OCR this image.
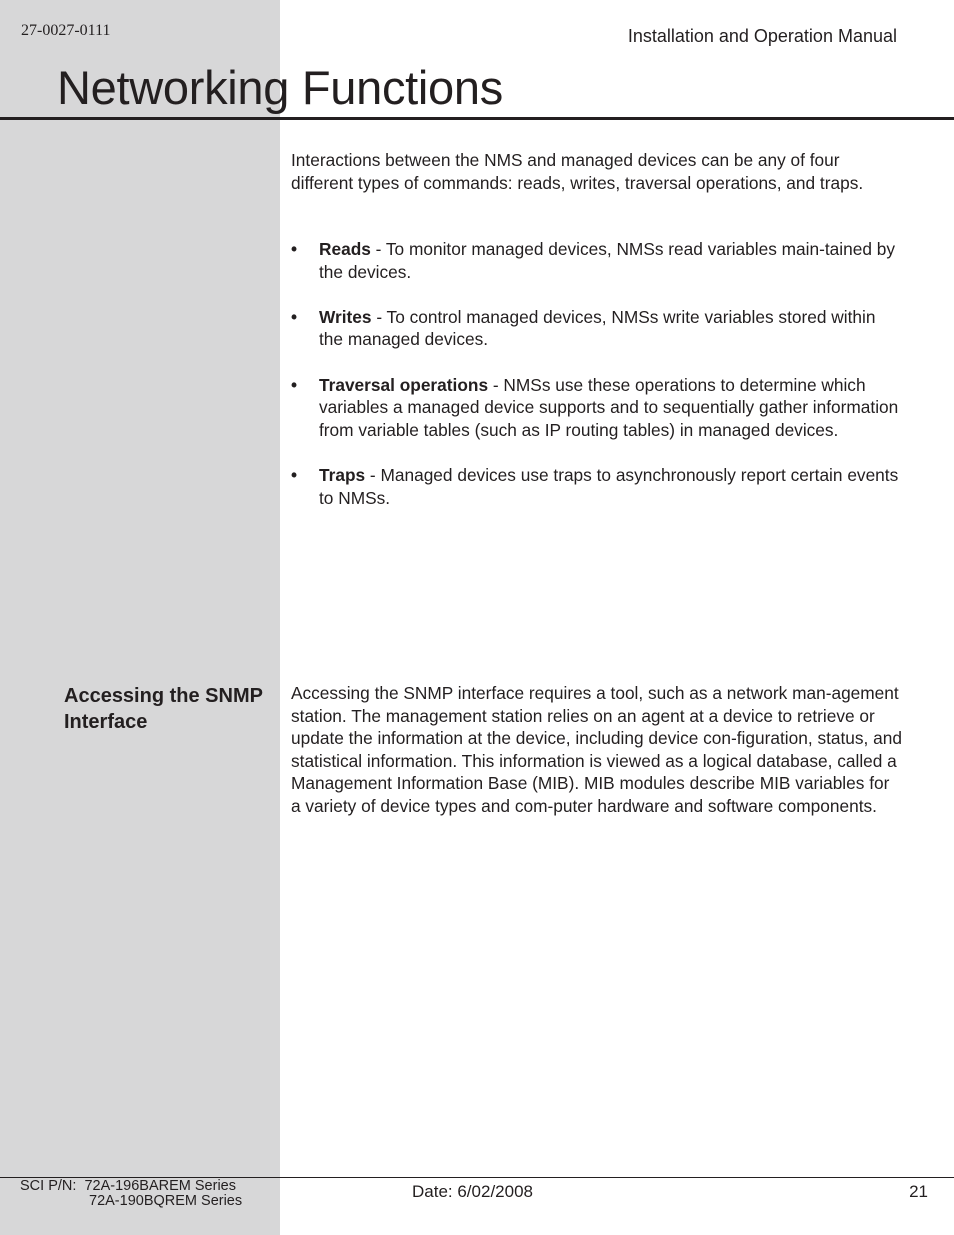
27-0027-0111	Installation and Operation Manual
Networking Functions

Interactions between the NMS and managed devices can be any of four different types of commands: reads, writes, traversal operations, and traps.

• Reads - To monitor managed devices, NMSs read variables main-tained by the devices.
• Writes - To control managed devices, NMSs write variables stored within the managed devices.
• Traversal operations - NMSs use these operations to determine which variables a managed device supports and to sequentially gather information from variable tables (such as IP routing tables) in managed devices.
• Traps - Managed devices use traps to asynchronously report certain events to NMSs.
Accessing the SNMP Interface

Accessing the SNMP interface requires a tool, such as a network man-agement station. The management station relies on an agent at a device to retrieve or update the information at the device, including device con-figuration, status, and statistical information. This information is viewed as a logical database, called a Management Information Base (MIB). MIB modules describe MIB variables for a variety of device types and com-puter hardware and software components.

SCI P/N: 72A-196BAREM Series
72A-190BQREM Series	Date: 6/02/2008	21
